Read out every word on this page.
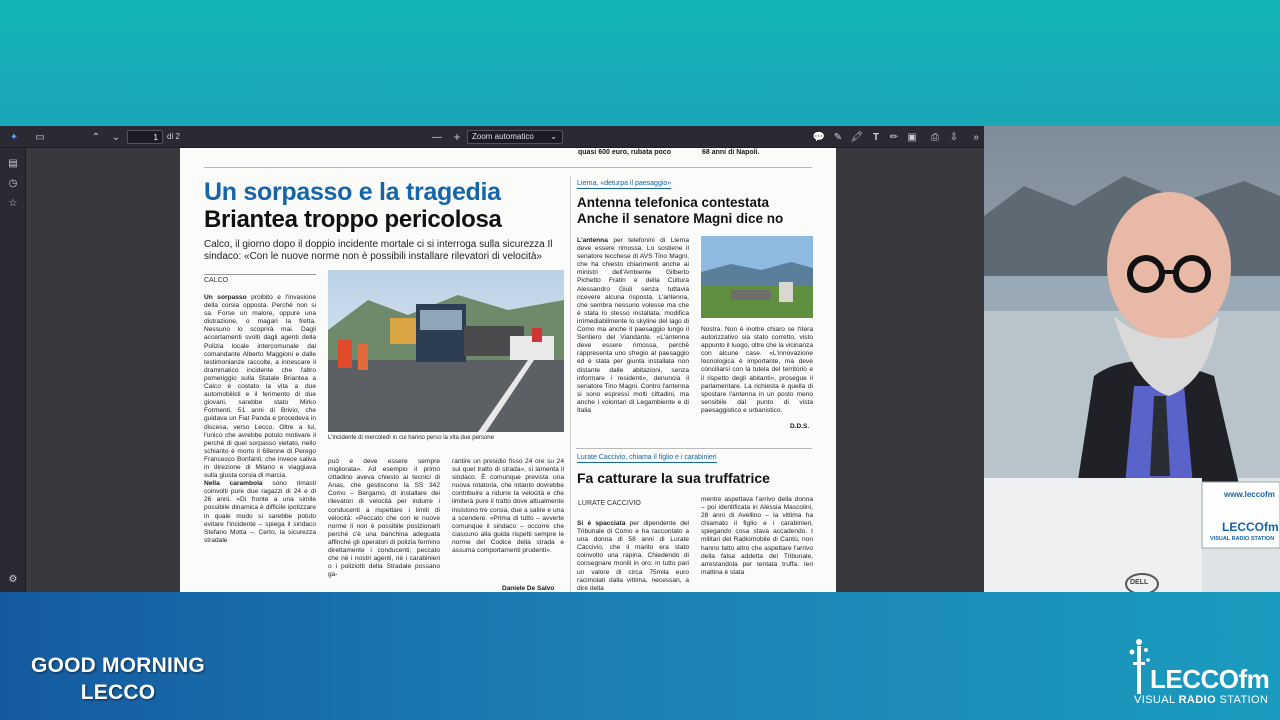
GOOD MORNING
LECCO	LECCOfm
VISUAL RADIO STATION
✦ ▭	⌃ ⌄
1	di 2	— +	Zoom automatico ⌄	💬 ✎ 🖍 T ✏ ▣ ⎙ ⇩	»
▤
◷
☆
⚙
quasi 600 euro, rubata poco	68 anni di Napoli.
Un sorpasso e la tragedia
Briantea troppo pericolosa
Calco, il giorno dopo il doppio incidente mortale ci si interroga sulla sicurezza Il sindaco: «Con le nuove norme non è possibili installare rilevatori di velocità»
CALCO
Un sorpasso proibito e l'invasione della corsia opposta. Perché non si sa. Forse un malore, oppure una distrazione, o magari la fretta. Nessuno lo scoprirà mai. Dagli accertamenti svolti dagli agenti della Polizia locale intercomunale dal comandante Alberto Maggioni e dalle testimonianze raccolte, a innescare il drammatico incidente che l'altro pomeriggio sulla Statale Briantea a Calco è costato la vita a due automobilisti e il ferimento di due giovani, sarebbe stato Mirko Formenti, 51 anni di Brivio, che guidava un Fiat Panda e procedeva in discesa, verso Lecco. Oltre a lui, l'unico che avrebbe potuto motivare il perché di quel sorpasso vietato, nello schianto è morto il 68enne di Perego Francesco Bonfanti, che invece saliva in direzione di Milano e viaggiava sulla giusta corsia di marcia.
Nella carambola sono rimasti coinvolti pure due ragazzi di 24 e di 26 anni. «Di fronte a una simile possibile dinamica è difficile ipotizzare in quale modo si sarebbe potuto evitare l'incidente – spiega il sindaco Stefano Motta –. Certo, la sicurezza stradale
L'incidente di mercoledì in cui hanno perso la vita due persone
può e deve essere sempre migliorata». Ad esempio il primo cittadino aveva chiesto ai tecnici di Anas, che gestiscono la SS 342 Como – Bergamo, di installare dei rilevatori di velocità per indurre i conducenti a rispettare i limiti di velocità: «Peccato che con le nuove norme li non è possibile posizionarli perché c'è una banchina adeguata affinché gli operatori di polizia fermino direttamente i conducenti; peccato che né i nostri agenti, né i carabinieri o i poliziotti della Stradale possano ga-
rantire un presidio fisso 24 ore su 24 sul quel tratto di strada», si lamenta il sindaco. È comunque prevista una nuova rotatoria, che intanto dovrebbe contribuire a ridurre la velocità e che limiterà pure il tratto dove attualmente insistono tre corsia, due a salire e una a scendere. «Prima di tutto – avverte comunque il sindaco – occorre che ciascuno alla guida rispetti sempre le norme del Codice della strada e assuma comportamenti prudenti».
Daniele De Salvo
Lierna, «deturpa il paesaggio»
Antenna telefonica contestata
Anche il senatore Magni dice no
L'antenna per telefonini di Lierna deve essere rimossa. Lo sostiene il senatore lecchese di AVS Tino Magni, che ha chiesto chiarimenti anche ai ministri dell'Ambiente Gilberto Pichetto Fratin e della Cultura Alessandro Giuli senza tuttavia ricevere alcuna risposta. L'antenna, che sembra nessuno volesse ma che è stata lo stesso installata, modifica irrimediabilmente lo skyline del lago di Como ma anche il paesaggio lungo il Sentiero del Viandante. «L'antenna deve essere rimossa, perché rappresenta uno sfregio al paesaggio ed è stata per giunta installata non distante dalle abitazioni, senza informare i residenti», denuncia il senatore Tino Magni. Contro l'antenna si sono espressi molti cittadini, ma anche i volontari di Legambiente e di Italia
Nostra. Non è inoltre chiaro se l'itera autorizzativo sia stato corretto, visto appunto il luogo, oltre che la vicinanza con alcune case. «L'innovazione tecnologica è importante, ma deve conciliarsi con la tutela del territorio e il rispetto degli abitanti», prosegue il parlamentare. La richiesta è quella di spostare l'antenna in un posto meno sensibile dal punto di vista paesaggistico e urbanistico.
D.D.S.
Lurate Caccivio, chiama il figlio e i carabinieri
Fa catturare la sua truffatrice
LURATE CACCIVIO
Si è spacciata per dipendente del Tribunale di Como e ha raccontato a una donna di 58 anni di Lurate Caccivio, che il marito era stato coinvolto una rapina. Chiedendo di consegnare monili in oro: in tutto pari un valore di circa 75mila euro racimolati dalla vittima, necessari, a dire della
mentre aspettava l'arrivo della donna – poi identificata in Alessia Mascolini, 28 anni di Avellino – la vittima ha chiamato il figlio e i carabinieri, spiegando cosa stava accadendo. I militari del Radiomobile di Cantù, non hanno fatto altro che aspettare l'arrivo della falsa addetta del Tribunale, arrestandola per tentata truffa. Ieri mattina è stata
www.leccofm
LECCOfm
VISUAL RADIO STATION
DELL
